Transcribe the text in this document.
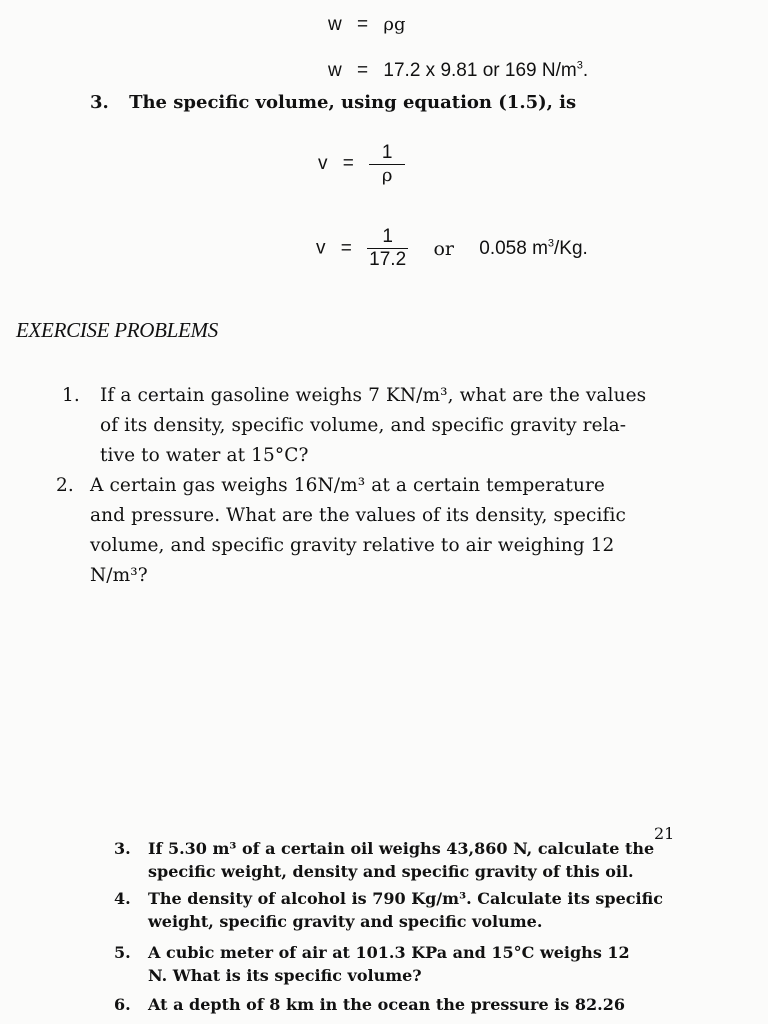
w = ρg
w = 17.2 x 9.81 or 169 $N/m^3$.
3. The specific volume, using equation (1.5), is
$v = \frac{1}{\rho}$
$v = \frac{1}{17.2}$ or 0.058 $m^3/Kg$.
EXERCISE PROBLEMS
1. If a certain gasoline weighs 7 KN/m³, what are the values
of its density, specific volume, and specific gravity rela-
tive to water at 15°C?
2. A certain gas weighs 16N/m³ at a certain temperature
and pressure. What are the values of its density, specific
volume, and specific gravity relative to air weighing 12
N/m³?
21
3. If 5.30 m³ of a certain oil weighs 43,860 N, calculate the
specific weight, density and specific gravity of this oil.
4. The density of alcohol is 790 Kg/m³. Calculate its specific
weight, specific gravity and specific volume.
5. A cubic meter of air at 101.3 KPa and 15°C weighs 12
N. What is its specific volume?
6. At a depth of 8 km in the ocean the pressure is 82.26
